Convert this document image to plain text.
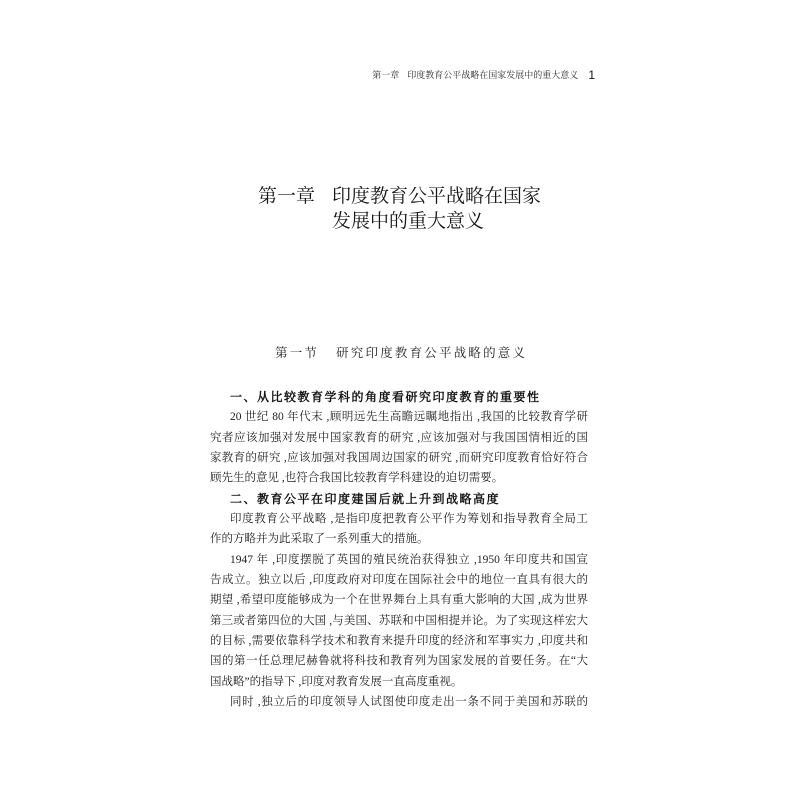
第一章 印度教育公平战略在国家发展中的重大意义 1
第一章 印度教育公平战略在国家
发展中的重大意义
第一节 研究印度教育公平战略的意义
一、从比较教育学科的角度看研究印度教育的重要性
20 世纪 80 年代末 ,顾明远先生高瞻远瞩地指出 ,我国的比较教育学研
究者应该加强对发展中国家教育的研究 ,应该加强对与我国国情相近的国
家教育的研究 ,应该加强对我国周边国家的研究 ,而研究印度教育恰好符合
顾先生的意见 ,也符合我国比较教育学科建设的迫切需要。
二、教育公平在印度建国后就上升到战略高度
印度教育公平战略 ,是指印度把教育公平作为筹划和指导教育全局工
作的方略并为此采取了一系列重大的措施。
1947 年 ,印度摆脱了英国的殖民统治获得独立 ,1950 年印度共和国宣
告成立。独立以后 ,印度政府对印度在国际社会中的地位一直具有很大的
期望 ,希望印度能够成为一个在世界舞台上具有重大影响的大国 ,成为世界
第三或者第四位的大国 ,与美国、苏联和中国相提并论。为了实现这样宏大
的目标 ,需要依靠科学技术和教育来提升印度的经济和军事实力 ,印度共和
国的第一任总理尼赫鲁就将科技和教育列为国家发展的首要任务。在“大
国战略”的指导下 ,印度对教育发展一直高度重视。
同时 ,独立后的印度领导人试图使印度走出一条不同于美国和苏联的
